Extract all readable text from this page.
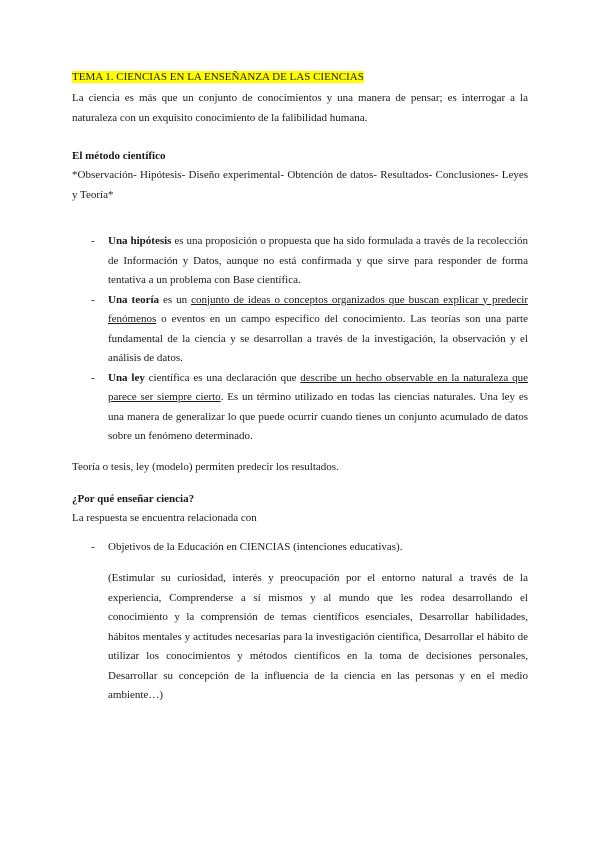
TEMA 1. CIENCIAS EN LA ENSEÑANZA DE LAS CIENCIAS
La ciencia es más que un conjunto de conocimientos y una manera de pensar; es interrogar a la naturaleza con un exquisito conocimiento de la falibilidad humana.
El método científico
*Observación- Hipótesis- Diseño experimental- Obtención de datos- Resultados- Conclusiones- Leyes y Teoría*
- Una hipótesis es una proposición o propuesta que ha sido formulada a través de la recolección de Información y Datos, aunque no está confirmada y que sirve para responder de forma tentativa a un problema con Base científica.
- Una teoría es un conjunto de ideas o conceptos organizados que buscan explicar y predecir fenómenos o eventos en un campo específico del conocimiento. Las teorías son una parte fundamental de la ciencia y se desarrollan a través de la investigación, la observación y el análisis de datos.
- Una ley científica es una declaración que describe un hecho observable en la naturaleza que parece ser siempre cierto. Es un término utilizado en todas las ciencias naturales. Una ley es una manera de generalizar lo que puede ocurrir cuando tienes un conjunto acumulado de datos sobre un fenómeno determinado.
Teoría o tesis, ley (modelo) permiten predecir los resultados.
¿Por qué enseñar ciencia?
La respuesta se encuentra relacionada con
- Objetivos de la Educación en CIENCIAS (intenciones educativas).
(Estimular su curiosidad, interés y preocupación por el entorno natural a través de la experiencia, Comprenderse a sí mismos y al mundo que les rodea desarrollando el conocimiento y la comprensión de temas científicos esenciales, Desarrollar habilidades, hábitos mentales y actitudes necesarias para la investigación científica, Desarrollar el hábito de utilizar los conocimientos y métodos científicos en la toma de decisiones personales, Desarrollar su concepción de la influencia de la ciencia en las personas y en el medio ambiente…)
